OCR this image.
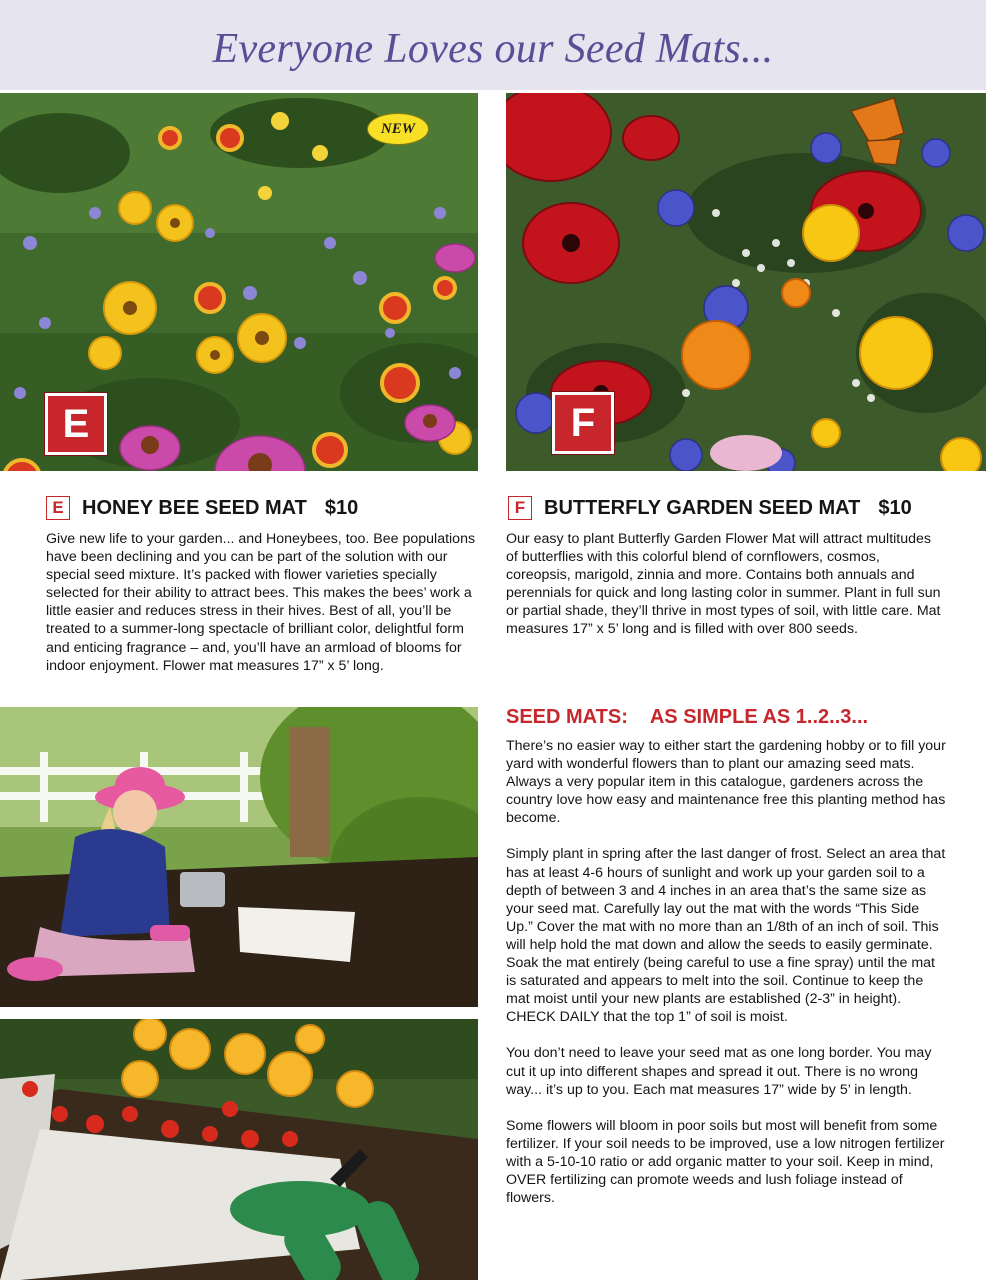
Everyone Loves our Seed Mats...
E
NEW
F
E HONEY BEE SEED MAT $10
Give new life to your garden... and Honeybees, too. Bee populations have been declining and you can be part of the solution with our special seed mixture. It’s packed with flower varieties specially selected for their ability to attract bees. This makes the bees’ work a little easier and reduces stress in their hives. Best of all, you’ll be treated to a summer-long spectacle of brilliant color, delightful form and enticing fragrance – and, you’ll have an armload of blooms for indoor enjoyment. Flower mat measures 17” x 5’ long.
F BUTTERFLY GARDEN SEED MAT $10
Our easy to plant Butterfly Garden Flower Mat will attract multitudes of butterflies with this colorful blend of cornflowers, cosmos, coreopsis, marigold, zinnia and more. Contains both annuals and perennials for quick and long lasting color in summer. Plant in full sun or partial shade, they’ll thrive in most types of soil, with little care. Mat measures 17” x 5’ long and is filled with over 800 seeds.
SEED MATS: AS SIMPLE AS 1..2..3...

There’s no easier way to either start the gardening hobby or to fill your yard with wonderful flowers than to plant our amazing seed mats. Always a very popular item in this catalogue, gardeners across the country love how easy and maintenance free this planting method has become.

Simply plant in spring after the last danger of frost. Select an area that has at least 4-6 hours of sunlight and work up your garden soil to a depth of between 3 and 4 inches in an area that’s the same size as your seed mat. Carefully lay out the mat with the words “This Side Up.” Cover the mat with no more than an 1/8th of an inch of soil. This will help hold the mat down and allow the seeds to easily germinate. Soak the mat entirely (being careful to use a fine spray) until the mat is saturated and appears to melt into the soil. Continue to keep the mat moist until your new plants are established (2-3” in height). CHECK DAILY that the top 1” of soil is moist.

You don’t need to leave your seed mat as one long border. You may cut it up into different shapes and spread it out. There is no wrong way... it’s up to you. Each mat measures 17” wide by 5’ in length.

Some flowers will bloom in poor soils but most will benefit from some fertilizer. If your soil needs to be improved, use a low nitrogen fertilizer with a 5-10-10 ratio or add organic matter to your soil. Keep in mind, OVER fertilizing can promote weeds and lush foliage instead of flowers.
